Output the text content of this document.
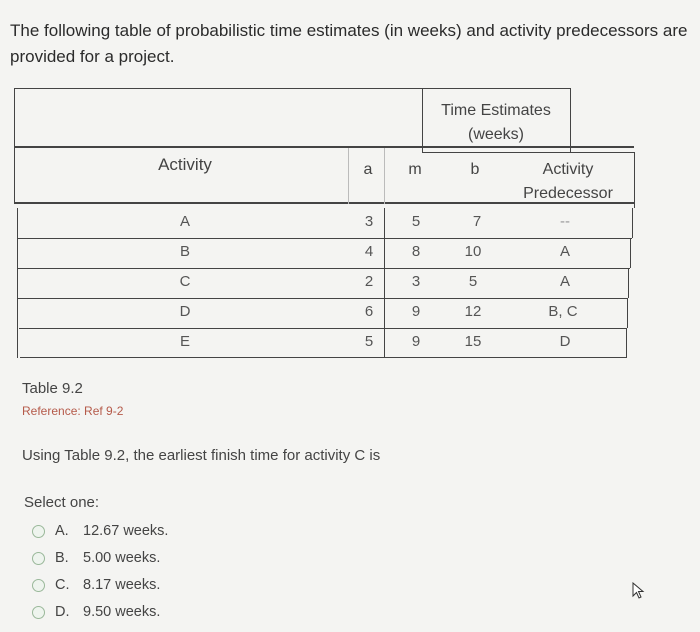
The following table of probabilistic time estimates (in weeks) and activity predecessors are provided for a project.
Time Estimates
(weeks)
Activity	a	m	b	Activity
Predecessor
A	3	5	7	--
B	4	8	10	A
C	2	3	5	A
D	6	9	12	B, C
E	5	9	15	D
Table 9.2
Reference: Ref 9-2
Using Table 9.2, the earliest finish time for activity C is
Select one:
A. 12.67 weeks.
B. 5.00 weeks.
C. 8.17 weeks.
D. 9.50 weeks.
